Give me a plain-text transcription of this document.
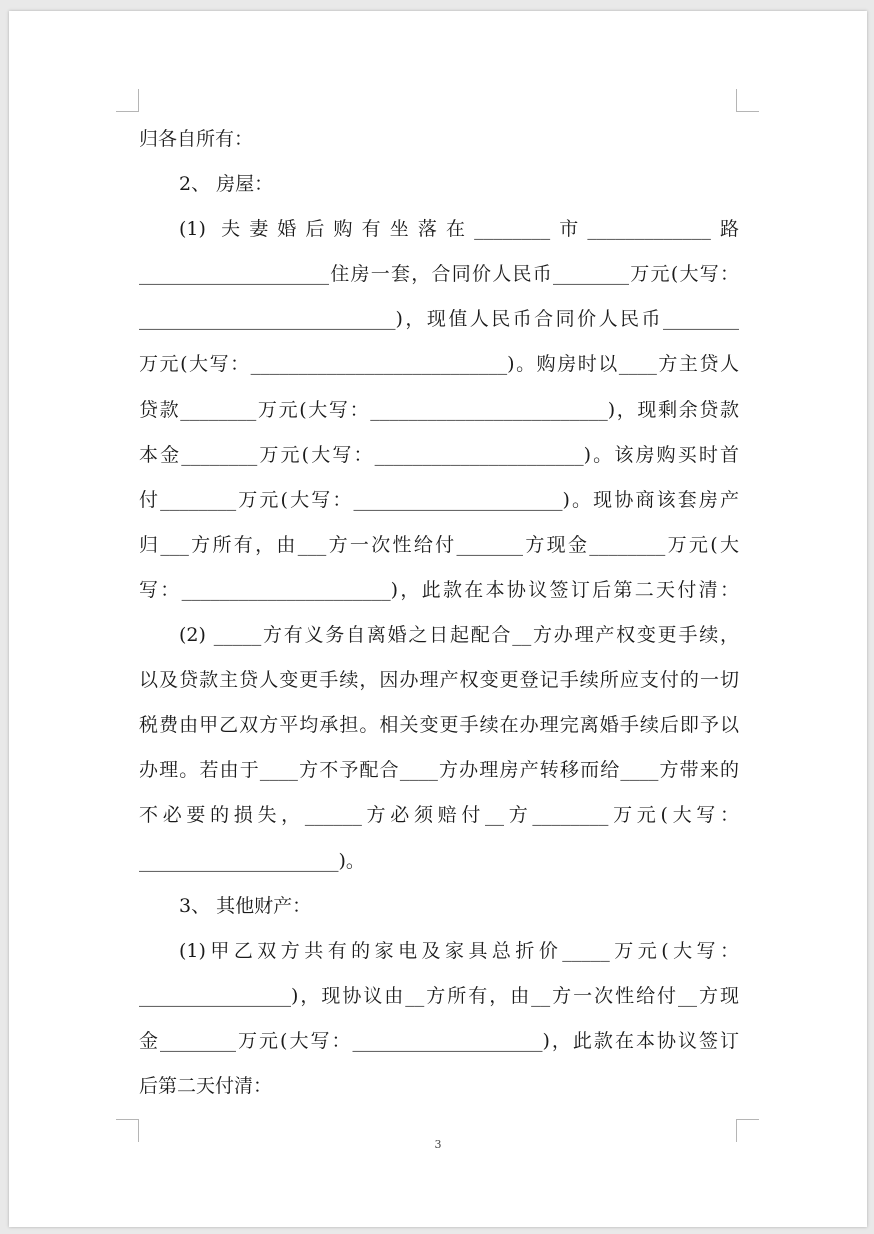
归各自所有：
2、 房屋：
(1) 夫妻婚后购有坐落在________市_____________路
____________________住房一套，合同价人民币________万元(大写：
___________________________)，现值人民币合同价人民币________
万元(大写：___________________________)。购房时以____方主贷人
贷款________万元(大写：_________________________)，现剩余贷款
本金________万元(大写：______________________)。该房购买时首
付________万元(大写：______________________)。现协商该套房产
归___方所有，由___方一次性给付_______方现金________万元(大
写：______________________)，此款在本协议签订后第二天付清：
(2) _____方有义务自离婚之日起配合__方办理产权变更手续，
以及贷款主贷人变更手续，因办理产权变更登记手续所应支付的一切
税费由甲乙双方平均承担。相关变更手续在办理完离婚手续后即予以
办理。若由于____方不予配合____方办理房产转移而给____方带来的
不必要的损失，______方必须赔付__方________万元(大写：
_____________________)。
3、 其他财产：
(1)甲乙双方共有的家电及家具总折价_____万元(大写：
________________)，现协议由__方所有，由__方一次性给付__方现
金________万元(大写：____________________)，此款在本协议签订
后第二天付清：
3
